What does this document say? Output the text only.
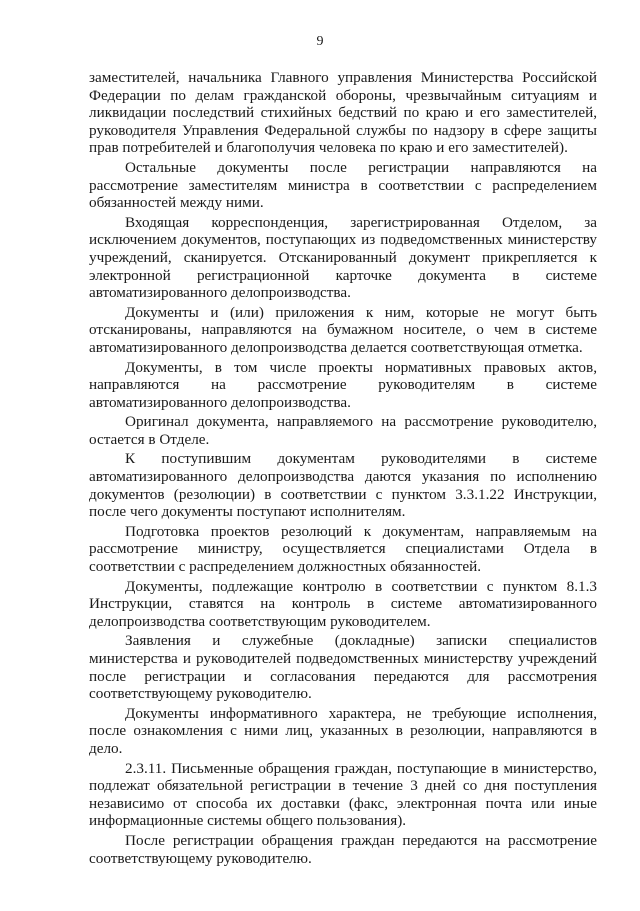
9

заместителей, начальника Главного управления Министерства Российской Федерации по делам гражданской обороны, чрезвычайным ситуациям и ликвидации последствий стихийных бедствий по краю и его заместителей, руководителя Управления Федеральной службы по надзору в сфере защиты прав потребителей и благополучия человека по краю и его заместителей).

Остальные документы после регистрации направляются на рассмотрение заместителям министра в соответствии с распределением обязанностей между ними.

Входящая корреспонденция, зарегистрированная Отделом, за исключением документов, поступающих из подведомственных министерству учреждений, сканируется. Отсканированный документ прикрепляется к электронной регистрационной карточке документа в системе автоматизированного делопроизводства.

Документы и (или) приложения к ним, которые не могут быть отсканированы, направляются на бумажном носителе, о чем в системе автоматизированного делопроизводства делается соответствующая отметка.

Документы, в том числе проекты нормативных правовых актов, направляются на рассмотрение руководителям в системе автоматизированного делопроизводства.

Оригинал документа, направляемого на рассмотрение руководителю, остается в Отделе.

К поступившим документам руководителями в системе автоматизированного делопроизводства даются указания по исполнению документов (резолюции) в соответствии с пунктом 3.3.1.22 Инструкции, после чего документы поступают исполнителям.

Подготовка проектов резолюций к документам, направляемым на рассмотрение министру, осуществляется специалистами Отдела в соответствии с распределением должностных обязанностей.

Документы, подлежащие контролю в соответствии с пунктом 8.1.3 Инструкции, ставятся на контроль в системе автоматизированного делопроизводства соответствующим руководителем.

Заявления и служебные (докладные) записки специалистов министерства и руководителей подведомственных министерству учреждений после регистрации и согласования передаются для рассмотрения соответствующему руководителю.

Документы информативного характера, не требующие исполнения, после ознакомления с ними лиц, указанных в резолюции, направляются в дело.

2.3.11. Письменные обращения граждан, поступающие в министерство, подлежат обязательной регистрации в течение 3 дней со дня поступления независимо от способа их доставки (факс, электронная почта или иные информационные системы общего пользования).

После регистрации обращения граждан передаются на рассмотрение соответствующему руководителю.
